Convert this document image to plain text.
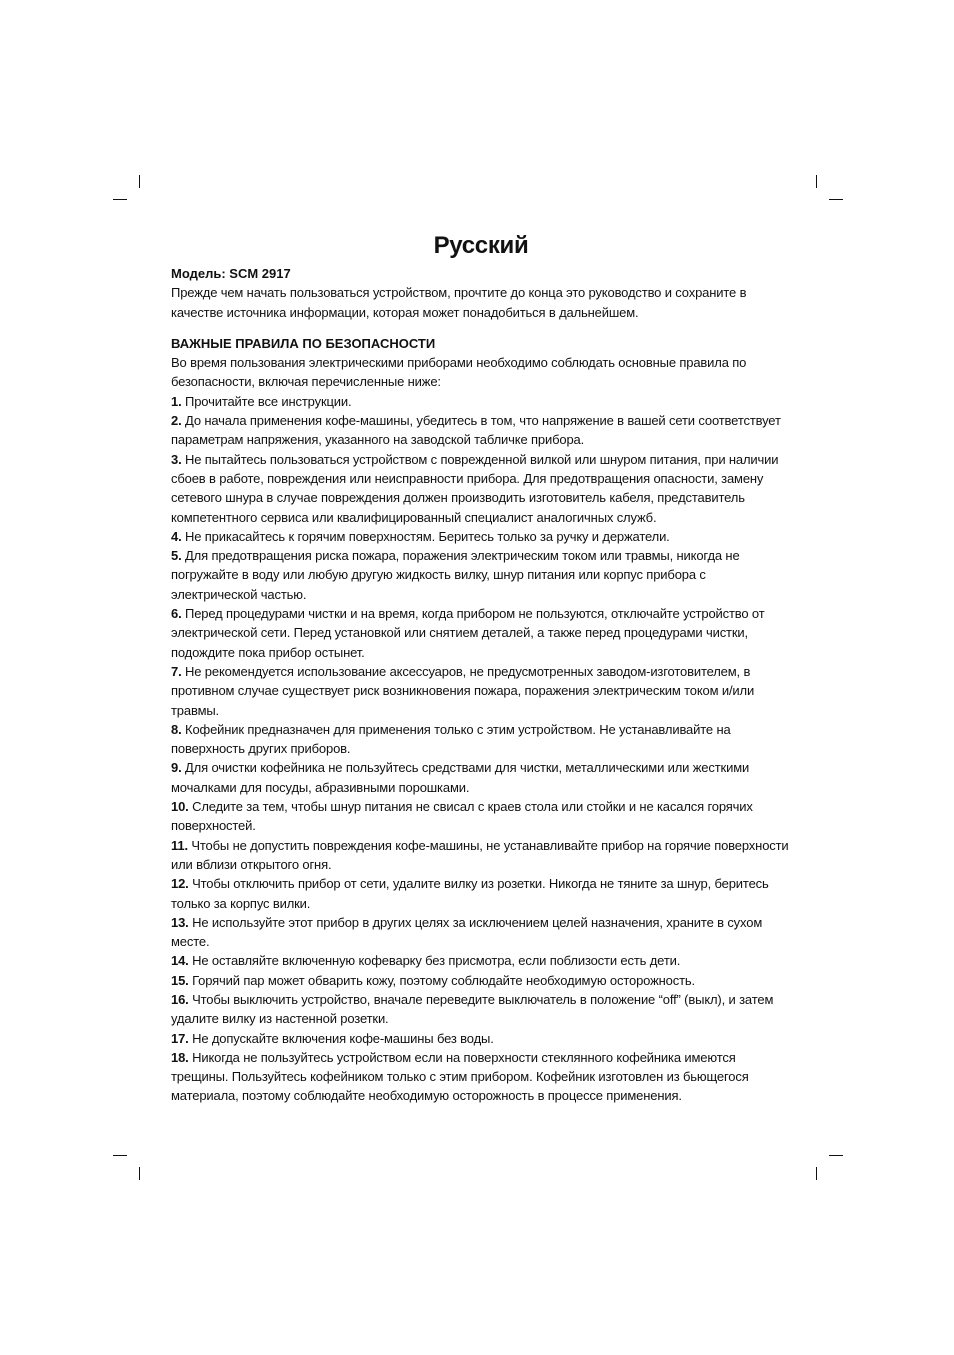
Русский

Модель: SCM 2917

Прежде чем начать пользоваться устройством, прочтите до конца это руководство и сохраните в качестве источника информации, которая может понадобиться в дальнейшем.

ВАЖНЫЕ ПРАВИЛА ПО БЕЗОПАСНОСТИ

Во время пользования электрическими приборами необходимо соблюдать основные правила по безопасности, включая перечисленные ниже:

1. Прочитайте все инструкции.

2. До начала применения кофе-машины, убедитесь в том, что напряжение в вашей сети соответствует параметрам напряжения, указанного на заводской табличке прибора.

3. Не пытайтесь пользоваться устройством с поврежденной вилкой или шнуром питания, при наличии сбоев в работе, повреждения или неисправности прибора. Для предотвращения опасности, замену сетевого шнура в случае повреждения должен производить изготовитель кабеля, представитель компетентного сервиса или квалифицированный специалист аналогичных служб.

4. Не прикасайтесь к горячим поверхностям. Беритесь только за ручку и держатели.

5. Для предотвращения риска пожара, поражения электрическим током или травмы, никогда не погружайте в воду или любую другую жидкость вилку, шнур питания или корпус прибора с электрической частью.

6. Перед процедурами чистки и на время, когда прибором не пользуются, отключайте устройство от электрической сети. Перед установкой или снятием деталей, а также перед процедурами чистки, подождите пока прибор остынет.

7. Не рекомендуется использование аксессуаров, не предусмотренных заводом-изготовителем, в противном случае существует риск возникновения пожара, поражения электрическим током и/или травмы.

8. Кофейник предназначен для применения только с этим устройством. Не устанавливайте на поверхность других приборов.

9. Для очистки кофейника не пользуйтесь средствами для чистки, металлическими или жесткими мочалками для посуды, абразивными порошками.

10. Следите за тем, чтобы шнур питания не свисал с краев стола или стойки и не касался горячих поверхностей.

11. Чтобы не допустить повреждения кофе-машины, не устанавливайте прибор на горячие поверхности или вблизи открытого огня.

12. Чтобы отключить прибор от сети, удалите вилку из розетки. Никогда не тяните за шнур, беритесь только за корпус вилки.

13. Не используйте этот прибор в других целях за исключением целей назначения, храните в сухом месте.

14. Не оставляйте включенную кофеварку без присмотра, если поблизости есть дети.

15. Горячий пар может обварить кожу, поэтому соблюдайте необходимую осторожность.

16. Чтобы выключить устройство, вначале переведите выключатель в положение “off” (выкл), и затем удалите вилку из настенной розетки.

17. Не допускайте включения кофе-машины без воды.

18. Никогда не пользуйтесь устройством если на поверхности стеклянного кофейника имеются трещины. Пользуйтесь кофейником только с этим прибором. Кофейник изготовлен из бьющегося материала, поэтому соблюдайте необходимую осторожность в процессе применения.
